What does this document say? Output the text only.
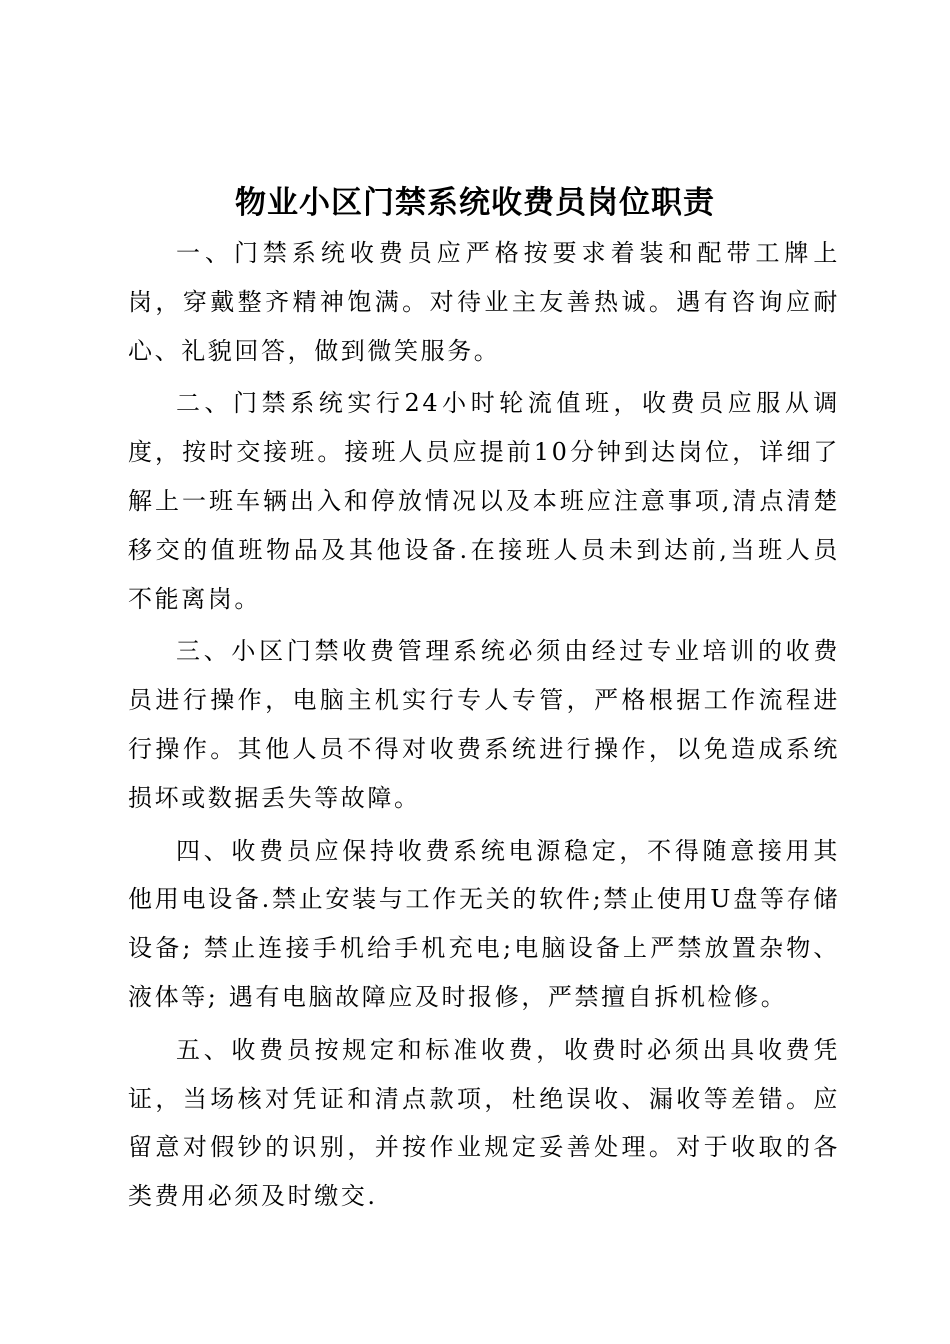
物业小区门禁系统收费员岗位职责

一、门禁系统收费员应严格按要求着装和配带工牌上岗，穿戴整齐精神饱满。对待业主友善热诚。遇有咨询应耐心、礼貌回答，做到微笑服务。

二、门禁系统实行24小时轮流值班，收费员应服从调度，按时交接班。接班人员应提前10分钟到达岗位，详细了解上一班车辆出入和停放情况以及本班应注意事项,清点清楚移交的值班物品及其他设备.在接班人员未到达前,当班人员不能离岗。

三、小区门禁收费管理系统必须由经过专业培训的收费员进行操作，电脑主机实行专人专管，严格根据工作流程进行操作。其他人员不得对收费系统进行操作，以免造成系统损坏或数据丢失等故障。

四、收费员应保持收费系统电源稳定，不得随意接用其他用电设备.禁止安装与工作无关的软件;禁止使用U盘等存储设备; 禁止连接手机给手机充电;电脑设备上严禁放置杂物、液体等; 遇有电脑故障应及时报修，严禁擅自拆机检修。

五、收费员按规定和标准收费，收费时必须出具收费凭证，当场核对凭证和清点款项，杜绝误收、漏收等差错。应留意对假钞的识别，并按作业规定妥善处理。对于收取的各类费用必须及时缴交.
